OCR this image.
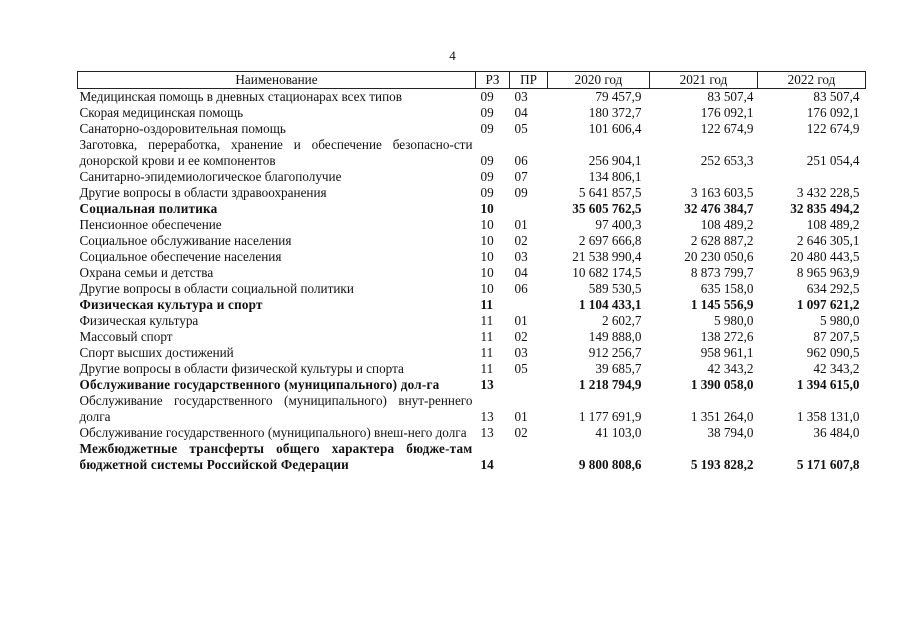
4
Наименование	РЗ	ПР	2020 год	2021 год	2022 год
Медицинская помощь в дневных стационарах всех типов	09	03	79 457,9	83 507,4	83 507,4
Скорая медицинская помощь	09	04	180 372,7	176 092,1	176 092,1
Санаторно-оздоровительная помощь	09	05	101 606,4	122 674,9	122 674,9
Заготовка, переработка, хранение и обеспечение безопасно-сти донорской крови и ее компонентов	09	06	256 904,1	252 653,3	251 054,4
Санитарно-эпидемиологическое благополучие	09	07	134 806,1		
Другие вопросы в области здравоохранения	09	09	5 641 857,5	3 163 603,5	3 432 228,5
Социальная политика	10		35 605 762,5	32 476 384,7	32 835 494,2
Пенсионное обеспечение	10	01	97 400,3	108 489,2	108 489,2
Социальное обслуживание населения	10	02	2 697 666,8	2 628 887,2	2 646 305,1
Социальное обеспечение населения	10	03	21 538 990,4	20 230 050,6	20 480 443,5
Охрана семьи и детства	10	04	10 682 174,5	8 873 799,7	8 965 963,9
Другие вопросы в области социальной политики	10	06	589 530,5	635 158,0	634 292,5
Физическая культура и спорт	11		1 104 433,1	1 145 556,9	1 097 621,2
Физическая культура	11	01	2 602,7	5 980,0	5 980,0
Массовый спорт	11	02	149 888,0	138 272,6	87 207,5
Спорт высших достижений	11	03	912 256,7	958 961,1	962 090,5
Другие вопросы в области физической культуры и спорта	11	05	39 685,7	42 343,2	42 343,2
Обслуживание государственного (муниципального) дол-га	13		1 218 794,9	1 390 058,0	1 394 615,0
Обслуживание государственного (муниципального) внут-реннего долга	13	01	1 177 691,9	1 351 264,0	1 358 131,0
Обслуживание государственного (муниципального) внеш-него долга	13	02	41 103,0	38 794,0	36 484,0
Межбюджетные трансферты общего характера бюдже-там бюджетной системы Российской Федерации	14		9 800 808,6	5 193 828,2	5 171 607,8
